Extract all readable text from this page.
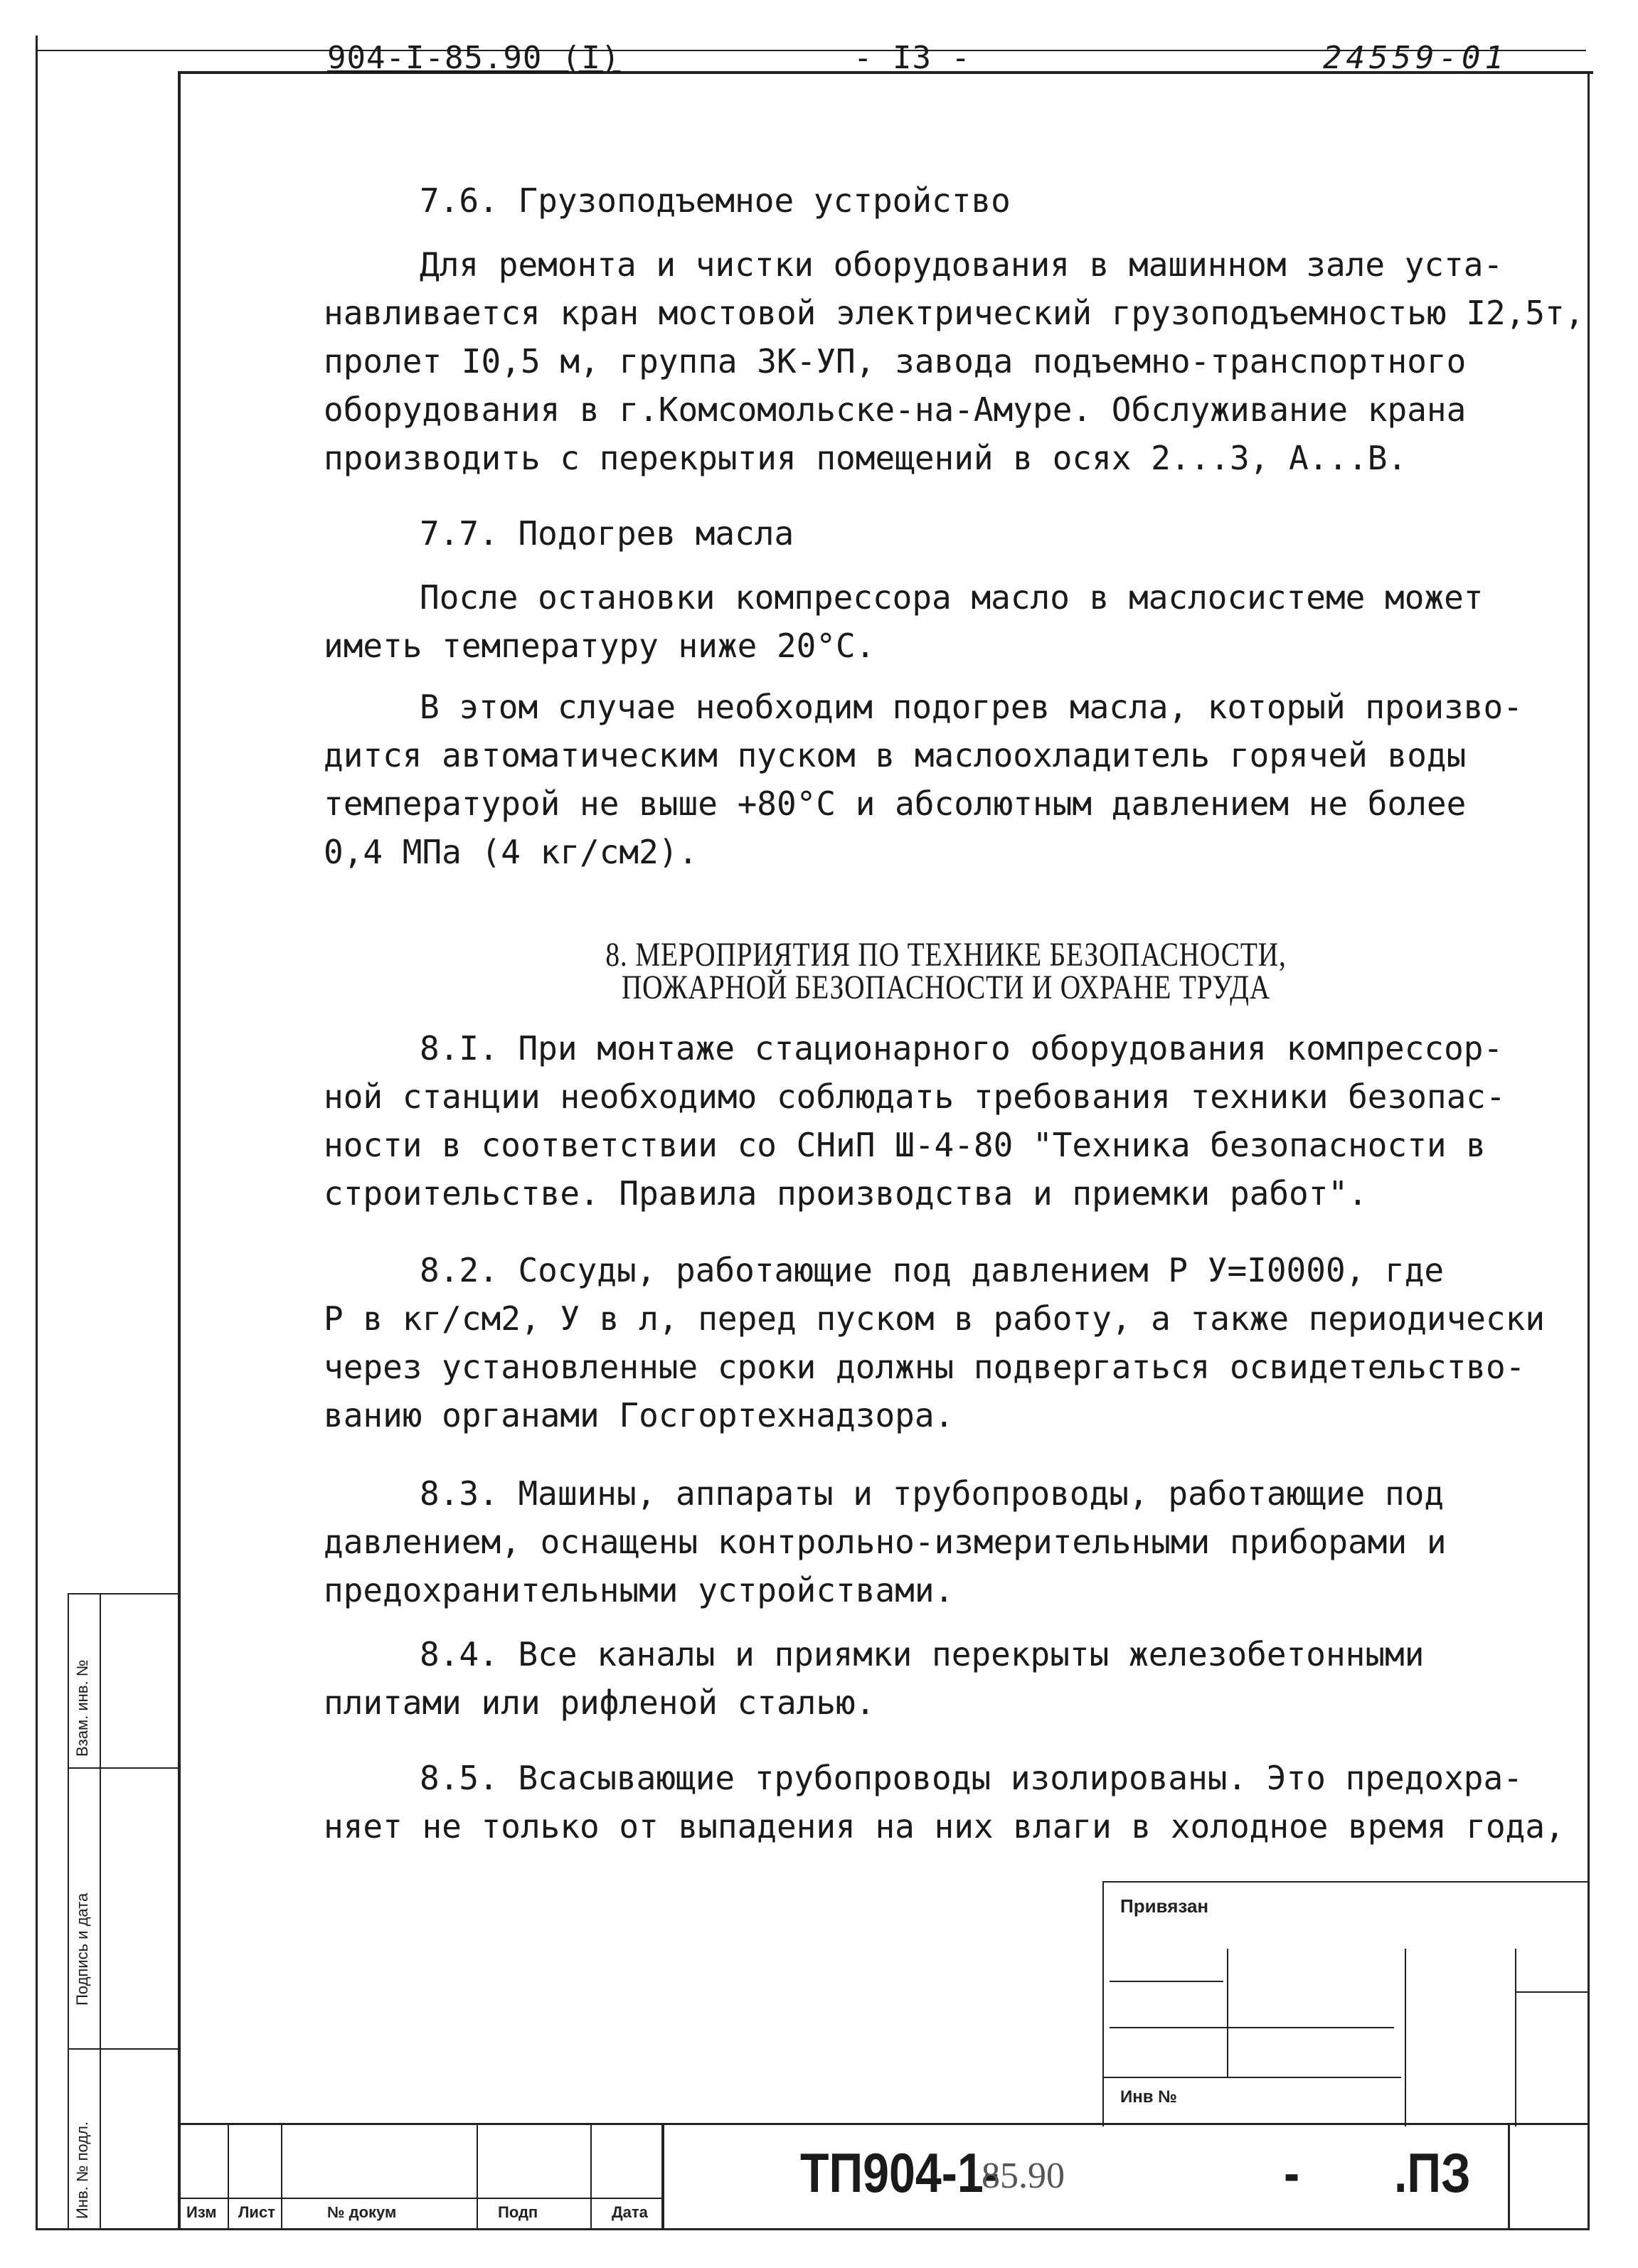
904-I-85.90 (I)	- I3 -	24559-01
7.6. Грузоподъемное устройство
Для ремонта и чистки оборудования в машинном зале уста-
навливается кран мостовой электрический грузоподъемностью I2,5т,
пролет I0,5 м, группа ЗК-УП, завода подъемно-транспортного
оборудования в г.Комсомольске-на-Амуре. Обслуживание крана
производить с перекрытия помещений в осях 2...3, А...В.
7.7. Подогрев масла
После остановки компрессора масло в маслосистеме может
иметь температуру ниже 20°С.
В этом случае необходим подогрев масла, который произво-
дится автоматическим пуском в маслоохладитель горячей воды
температурой не выше +80°С и абсолютным давлением не более
0,4 МПа (4 кг/см2).
8. МЕРОПРИЯТИЯ ПО ТЕХНИКЕ БЕЗОПАСНОСТИ,
ПОЖАРНОЙ БЕЗОПАСНОСТИ И ОХРАНЕ ТРУДА
8.I. При монтаже стационарного оборудования компрессор-
ной станции необходимо соблюдать требования техники безопас-
ности в соответствии со СНиП Ш-4-80 "Техника безопасности в
строительстве. Правила производства и приемки работ".
8.2. Сосуды, работающие под давлением Р У=I0000, где
Р в кг/см2, У в л, перед пуском в работу, а также периодически
через установленные сроки должны подвергаться освидетельство-
ванию органами Госгортехнадзора.
8.3. Машины, аппараты и трубопроводы, работающие под
давлением, оснащены контрольно-измерительными приборами и
предохранительными устройствами.
8.4. Все каналы и приямки перекрыты железобетонными
плитами или рифленой сталью.
8.5. Всасывающие трубопроводы изолированы. Это предохра-
няет не только от выпадения на них влаги в холодное время года,
Взам. инв. №
Подпись и дата
Инв. № подл.
Привязан
Инв №
Изм Лист	№ докум	Подп	Дата
ТП904-1-
85.90	- .ПЗ
